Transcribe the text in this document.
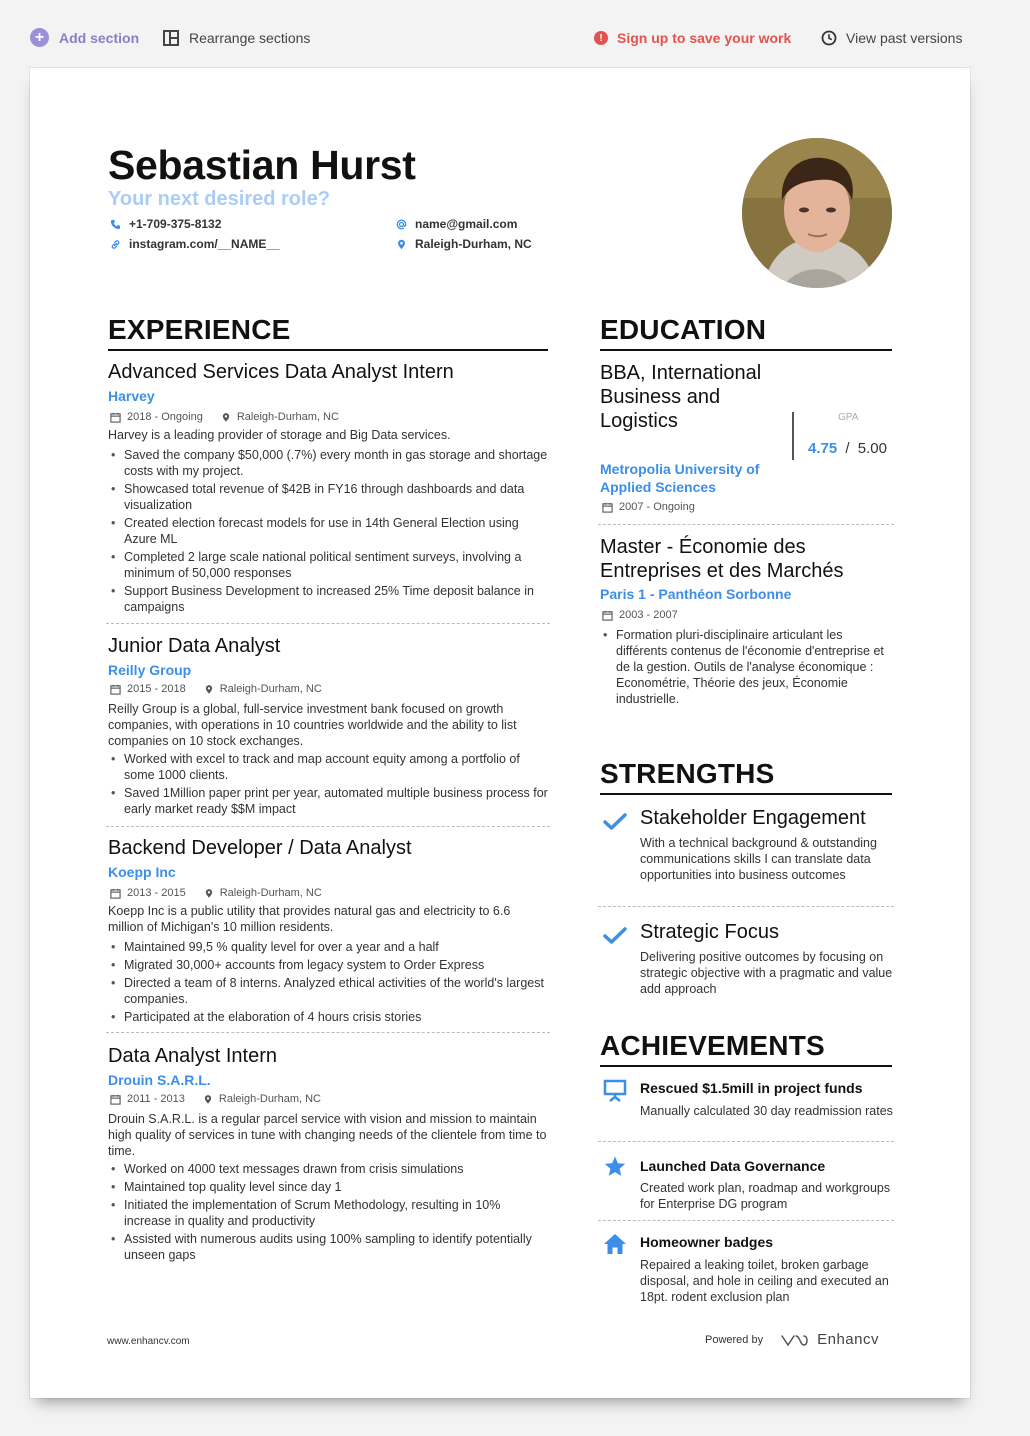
+	Add section	Rearrange sections	!	Sign up to save your work	View past versions
Sebastian Hurst
Your next desired role?
+1-709-375-8132	name@gmail.com
instagram.com/__NAME__	Raleigh-Durham, NC
EXPERIENCE
Advanced Services Data Analyst Intern
Harvey
2018 - Ongoing	Raleigh-Durham, NC
Harvey is a leading provider of storage and Big Data services.
• Saved the company $50,000 (.7%) every month in gas storage and shortage costs with my project.
• Showcased total revenue of $42B in FY16 through dashboards and data visualization
• Created election forecast models for use in 14th General Election using Azure ML
• Completed 2 large scale national political sentiment surveys, involving a minimum of 50,000 responses
• Support Business Development to increased 25% Time deposit balance in campaigns
Junior Data Analyst
Reilly Group
2015 - 2018	Raleigh-Durham, NC
Reilly Group is a global, full-service investment bank focused on growth companies, with operations in 10 countries worldwide and the ability to list companies on 10 stock exchanges.
• Worked with excel to track and map account equity among a portfolio of some 1000 clients.
• Saved 1Million paper print per year, automated multiple business process for early market ready $$M impact
Backend Developer / Data Analyst
Koepp Inc
2013 - 2015	Raleigh-Durham, NC
Koepp Inc is a public utility that provides natural gas and electricity to 6.6 million of Michigan's 10 million residents.
• Maintained 99,5 % quality level for over a year and a half
• Migrated 30,000+ accounts from legacy system to Order Express
• Directed a team of 8 interns. Analyzed ethical activities of the world's largest companies.
• Participated at the elaboration of 4 hours crisis stories
Data Analyst Intern
Drouin S.A.R.L.
2011 - 2013	Raleigh-Durham, NC
Drouin S.A.R.L. is a regular parcel service with vision and mission to maintain high quality of services in tune with changing needs of the clientele from time to time.
• Worked on 4000 text messages drawn from crisis simulations
• Maintained top quality level since day 1
• Initiated the implementation of Scrum Methodology, resulting in 10% increase in quality and productivity
• Assisted with numerous audits using 100% sampling to identify potentially unseen gaps
EDUCATION
BBA, International Business and Logistics	GPA
4.75 / 5.00
Metropolia University of Applied Sciences
2007 - Ongoing
Master - Économie des Entreprises et des Marchés
Paris 1 - Panthéon Sorbonne
2003 - 2007
• Formation pluri-disciplinaire articulant les différents contenus de l'économie d'entreprise et de la gestion. Outils de l'analyse économique : Econométrie, Théorie des jeux, Économie industrielle.
STRENGTHS
Stakeholder Engagement
With a technical background & outstanding communications skills I can translate data opportunities into business outcomes
Strategic Focus
Delivering positive outcomes by focusing on strategic objective with a pragmatic and value add approach
ACHIEVEMENTS
Rescued $1.5mill in project funds
Manually calculated 30 day readmission rates
Launched Data Governance
Created work plan, roadmap and workgroups for Enterprise DG program
Homeowner badges
Repaired a leaking toilet, broken garbage disposal, and hole in ceiling and executed an 18pt. rodent exclusion plan
www.enhancv.com	Powered by	Enhancv
